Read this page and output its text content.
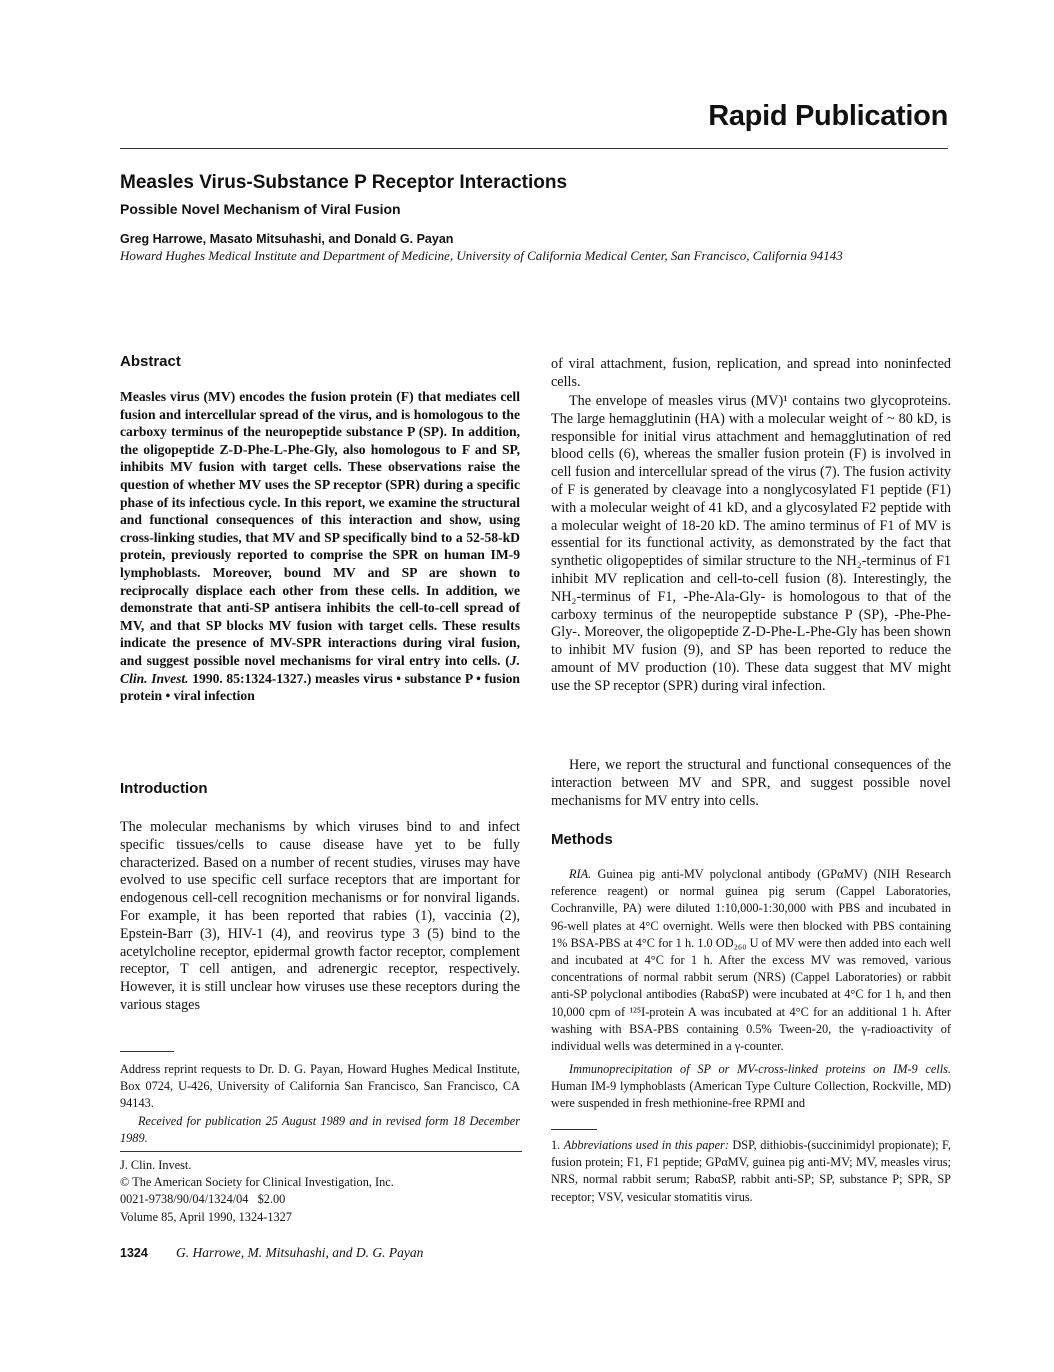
Rapid Publication
Measles Virus-Substance P Receptor Interactions
Possible Novel Mechanism of Viral Fusion
Greg Harrowe, Masato Mitsuhashi, and Donald G. Payan
Howard Hughes Medical Institute and Department of Medicine, University of California Medical Center, San Francisco, California 94143
Abstract

Measles virus (MV) encodes the fusion protein (F) that mediates cell fusion and intercellular spread of the virus, and is homologous to the carboxy terminus of the neuropeptide substance P (SP). In addition, the oligopeptide Z-D-Phe-L-Phe-Gly, also homologous to F and SP, inhibits MV fusion with target cells. These observations raise the question of whether MV uses the SP receptor (SPR) during a specific phase of its infectious cycle. In this report, we examine the structural and functional consequences of this interaction and show, using cross-linking studies, that MV and SP specifically bind to a 52-58-kD protein, previously reported to comprise the SPR on human IM-9 lymphoblasts. Moreover, bound MV and SP are shown to reciprocally displace each other from these cells. In addition, we demonstrate that anti-SP antisera inhibits the cell-to-cell spread of MV, and that SP blocks MV fusion with target cells. These results indicate the presence of MV-SPR interactions during viral fusion, and suggest possible novel mechanisms for viral entry into cells. (J. Clin. Invest. 1990. 85:1324-1327.) measles virus • substance P • fusion protein • viral infection

Introduction

The molecular mechanisms by which viruses bind to and infect specific tissues/cells to cause disease have yet to be fully characterized. Based on a number of recent studies, viruses may have evolved to use specific cell surface receptors that are important for endogenous cell-cell recognition mechanisms or for nonviral ligands. For example, it has been reported that rabies (1), vaccinia (2), Epstein-Barr (3), HIV-1 (4), and reovirus type 3 (5) bind to the acetylcholine receptor, epidermal growth factor receptor, complement receptor, T cell antigen, and adrenergic receptor, respectively. However, it is still unclear how viruses use these receptors during the various stages

Address reprint requests to Dr. D. G. Payan, Howard Hughes Medical Institute, Box 0724, U-426, University of California San Francisco, San Francisco, CA 94143.

Received for publication 25 August 1989 and in revised form 18 December 1989.

J. Clin. Invest.
© The American Society for Clinical Investigation, Inc.
0021-9738/90/04/1324/04   $2.00
Volume 85, April 1990, 1324-1327
1324 G. Harrowe, M. Mitsuhashi, and D. G. Payan

of viral attachment, fusion, replication, and spread into noninfected cells.

The envelope of measles virus (MV)¹ contains two glycoproteins. The large hemagglutinin (HA) with a molecular weight of ~ 80 kD, is responsible for initial virus attachment and hemagglutination of red blood cells (6), whereas the smaller fusion protein (F) is involved in cell fusion and intercellular spread of the virus (7). The fusion activity of F is generated by cleavage into a nonglycosylated F1 peptide (F1) with a molecular weight of 41 kD, and a glycosylated F2 peptide with a molecular weight of 18-20 kD. The amino terminus of F1 of MV is essential for its functional activity, as demonstrated by the fact that synthetic oligopeptides of similar structure to the NH₂-terminus of F1 inhibit MV replication and cell-to-cell fusion (8). Interestingly, the NH₂-terminus of F1, -Phe-Ala-Gly- is homologous to that of the carboxy terminus of the neuropeptide substance P (SP), -Phe-Phe-Gly-. Moreover, the oligopeptide Z-D-Phe-L-Phe-Gly has been shown to inhibit MV fusion (9), and SP has been reported to reduce the amount of MV production (10). These data suggest that MV might use the SP receptor (SPR) during viral infection.

Here, we report the structural and functional consequences of the interaction between MV and SPR, and suggest possible novel mechanisms for MV entry into cells.

Methods

RIA. Guinea pig anti-MV polyclonal antibody (GPαMV) (NIH Research reference reagent) or normal guinea pig serum (Cappel Laboratories, Cochranville, PA) were diluted 1:10,000-1:30,000 with PBS and incubated in 96-well plates at 4°C overnight. Wells were then blocked with PBS containing 1% BSA-PBS at 4°C for 1 h. 1.0 OD₂₆₀ U of MV were then added into each well and incubated at 4°C for 1 h. After the excess MV was removed, various concentrations of normal rabbit serum (NRS) (Cappel Laboratories) or rabbit anti-SP polyclonal antibodies (RabαSP) were incubated at 4°C for 1 h, and then 10,000 cpm of ¹²⁵I-protein A was incubated at 4°C for an additional 1 h. After washing with BSA-PBS containing 0.5% Tween-20, the γ-radioactivity of individual wells was determined in a γ-counter.

Immunoprecipitation of SP or MV-cross-linked proteins on IM-9 cells. Human IM-9 lymphoblasts (American Type Culture Collection, Rockville, MD) were suspended in fresh methionine-free RPMI and

1. Abbreviations used in this paper: DSP, dithiobis-(succinimidyl propionate); F, fusion protein; F1, F1 peptide; GPαMV, guinea pig anti-MV; MV, measles virus; NRS, normal rabbit serum; RabαSP, rabbit anti-SP; SP, substance P; SPR, SP receptor; VSV, vesicular stomatitis virus.
